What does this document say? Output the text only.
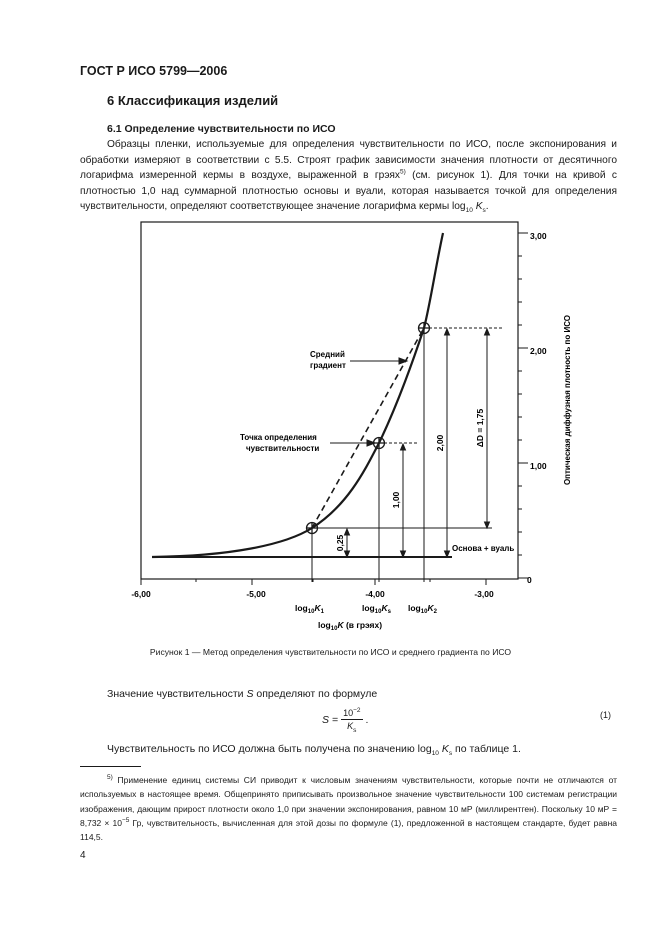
ГОСТ Р ИСО 5799—2006
6 Классификация изделий
6.1 Определение чувствительности по ИСО

Образцы пленки, используемые для определения чувствительности по ИСО, после экспонирования и обработки измеряют в соответствии с 5.5. Строят график зависимости значения плотности от десятичного логарифма измеренной кермы в воздухе, выраженной в грэях$^{5)}$ (см. рисунок 1). Для точки на кривой с плотностью 1,0 над суммарной плотностью основы и вуали, которая называется точкой для определения чувствительности, определяют соответствующее значение логарифма кермы $\log_{10} K_s$.

-6,00	-5,00	-4,00	-3,00
0
1,00
2,00
3,00
Оптическая диффузная плотность по ИСО
0,25
1,00
2,00	ΔD = 1,75
Средний
градиент
Точка определения
чувствительности
Основа + вуаль
$\log_{10}K_1$	$\log_{10}K_s$ $\log_{10}K_2$
$\log_{10}K$ (в грэях)
Рисунок 1 — Метод определения чувствительности по ИСО и среднего градиента по ИСО
Значение чувствительности S определяют по формуле
$S = \frac{10^{-2}}{K_s}$ .	(1)
Чувствительность по ИСО должна быть получена по значению $\log_{10} K_s$ по таблице 1.

$^{5)}$ Применение единиц системы СИ приводит к числовым значениям чувствительности, которые почти не отличаются от используемых в настоящее время. Общепринято приписывать произвольное значение чувствительности 100 системам регистрации изображения, дающим прирост плотности около 1,0 при значении экспонирования, равном 10 мР (миллирентген). Поскольку 10 мР = $8,732 \times 10^{-5}$ Гр, чувствительность, вычисленная для этой дозы по формуле (1), предложенной в настоящем стандарте, будет равна 114,5.

4
